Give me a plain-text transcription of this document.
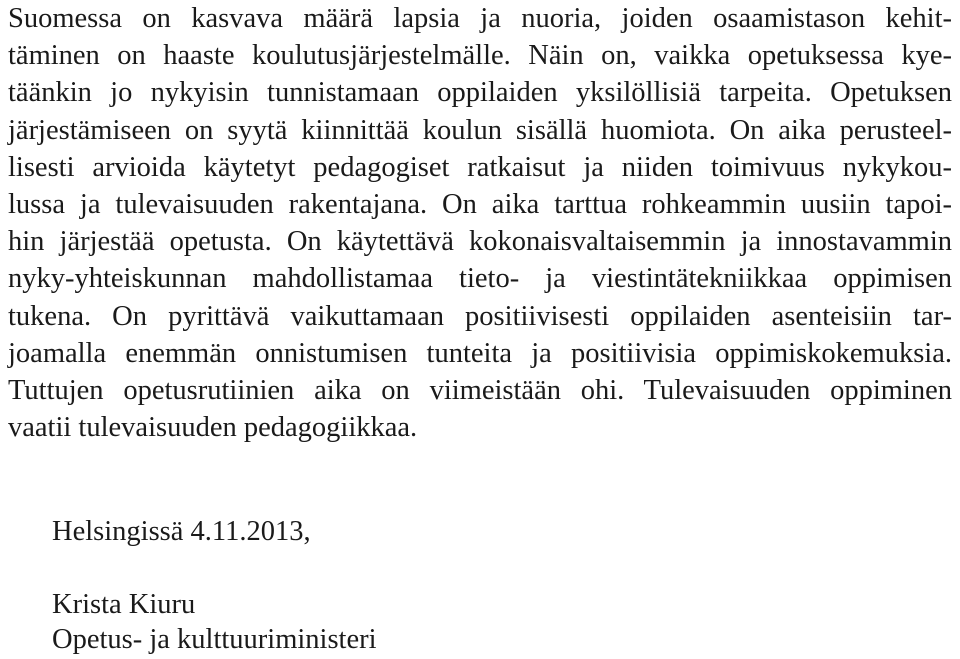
Suomessa on kasvava määrä lapsia ja nuoria, joiden osaamistason kehit-
täminen on haaste koulutusjärjestelmälle. Näin on, vaikka opetuksessa kye-
täänkin jo nykyisin tunnistamaan oppilaiden yksilöllisiä tarpeita. Opetuksen
järjestämiseen on syytä kiinnittää koulun sisällä huomiota. On aika perusteel-
lisesti arvioida käytetyt pedagogiset ratkaisut ja niiden toimivuus nykykou-
lussa ja tulevaisuuden rakentajana. On aika tarttua rohkeammin uusiin tapoi-
hin järjestää opetusta. On käytettävä kokonaisvaltaisemmin ja innostavammin
nyky-yhteiskunnan mahdollistamaa tieto- ja viestintätekniikkaa oppimisen
tukena. On pyrittävä vaikuttamaan positiivisesti oppilaiden asenteisiin tar-
joamalla enemmän onnistumisen tunteita ja positiivisia oppimiskokemuksia.
Tuttujen opetusrutiinien aika on viimeistään ohi. Tulevaisuuden oppiminen
vaatii tulevaisuuden pedagogiikkaa.
Helsingissä 4.11.2013,
Krista Kiuru
Opetus- ja kulttuuriministeri
